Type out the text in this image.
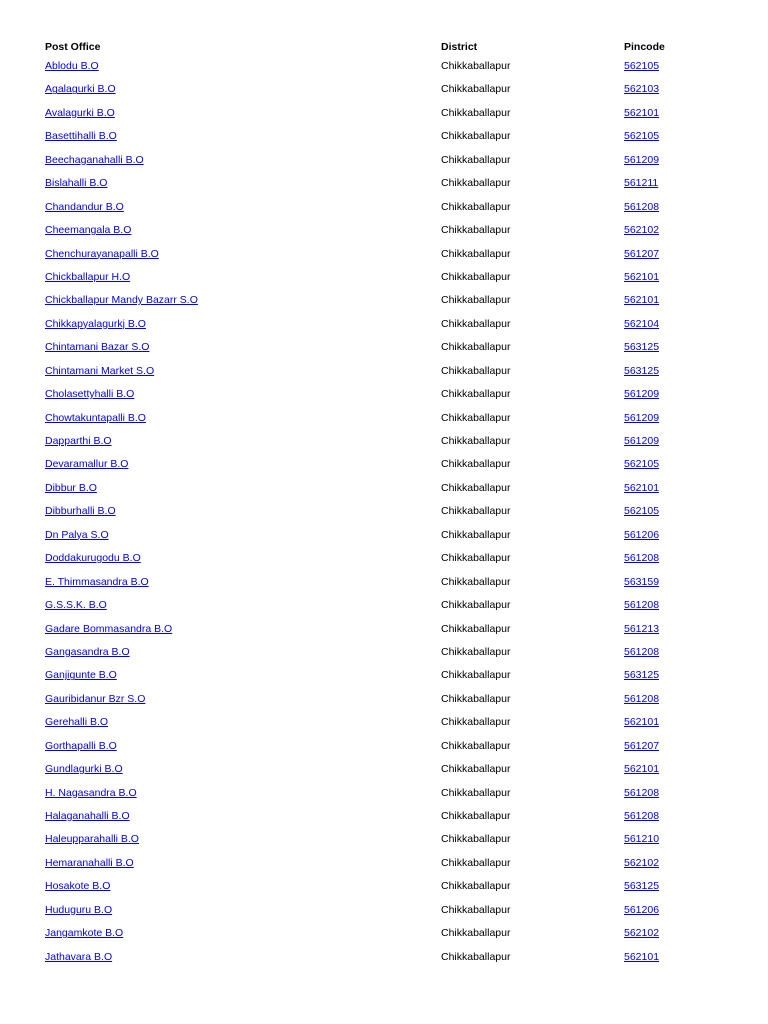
Post Office	District	Pincode
Ablodu B.O	Chikkaballapur	562105
Agalagurki B.O	Chikkaballapur	562103
Avalagurki B.O	Chikkaballapur	562101
Basettihalli B.O	Chikkaballapur	562105
Beechaganahalli B.O	Chikkaballapur	561209
Bislahalli B.O	Chikkaballapur	561211
Chandandur B.O	Chikkaballapur	561208
Cheemangala B.O	Chikkaballapur	562102
Chenchurayanapalli B.O	Chikkaballapur	561207
Chickballapur H.O	Chikkaballapur	562101
Chickballapur Mandy Bazarr S.O	Chikkaballapur	562101
Chikkapyalagurkj B.O	Chikkaballapur	562104
Chintamani Bazar S.O	Chikkaballapur	563125
Chintamani Market S.O	Chikkaballapur	563125
Cholasettyhalli B.O	Chikkaballapur	561209
Chowtakuntapalli B.O	Chikkaballapur	561209
Dapparthi B.O	Chikkaballapur	561209
Devaramallur B.O	Chikkaballapur	562105
Dibbur B.O	Chikkaballapur	562101
Dibburhalli B.O	Chikkaballapur	562105
Dn Palya S.O	Chikkaballapur	561206
Doddakurugodu B.O	Chikkaballapur	561208
E. Thimmasandra B.O	Chikkaballapur	563159
G.S.S.K. B.O	Chikkaballapur	561208
Gadare Bommasandra B.O	Chikkaballapur	561213
Gangasandra B.O	Chikkaballapur	561208
Ganjigunte B.O	Chikkaballapur	563125
Gauribidanur Bzr S.O	Chikkaballapur	561208
Gerehalli B.O	Chikkaballapur	562101
Gorthapalli B.O	Chikkaballapur	561207
Gundlagurki B.O	Chikkaballapur	562101
H. Nagasandra B.O	Chikkaballapur	561208
Halaganahalli B.O	Chikkaballapur	561208
Haleupparahalli B.O	Chikkaballapur	561210
Hemaranahalli B.O	Chikkaballapur	562102
Hosakote B.O	Chikkaballapur	563125
Huduguru B.O	Chikkaballapur	561206
Jangamkote B.O	Chikkaballapur	562102
Jathavara B.O	Chikkaballapur	562101
